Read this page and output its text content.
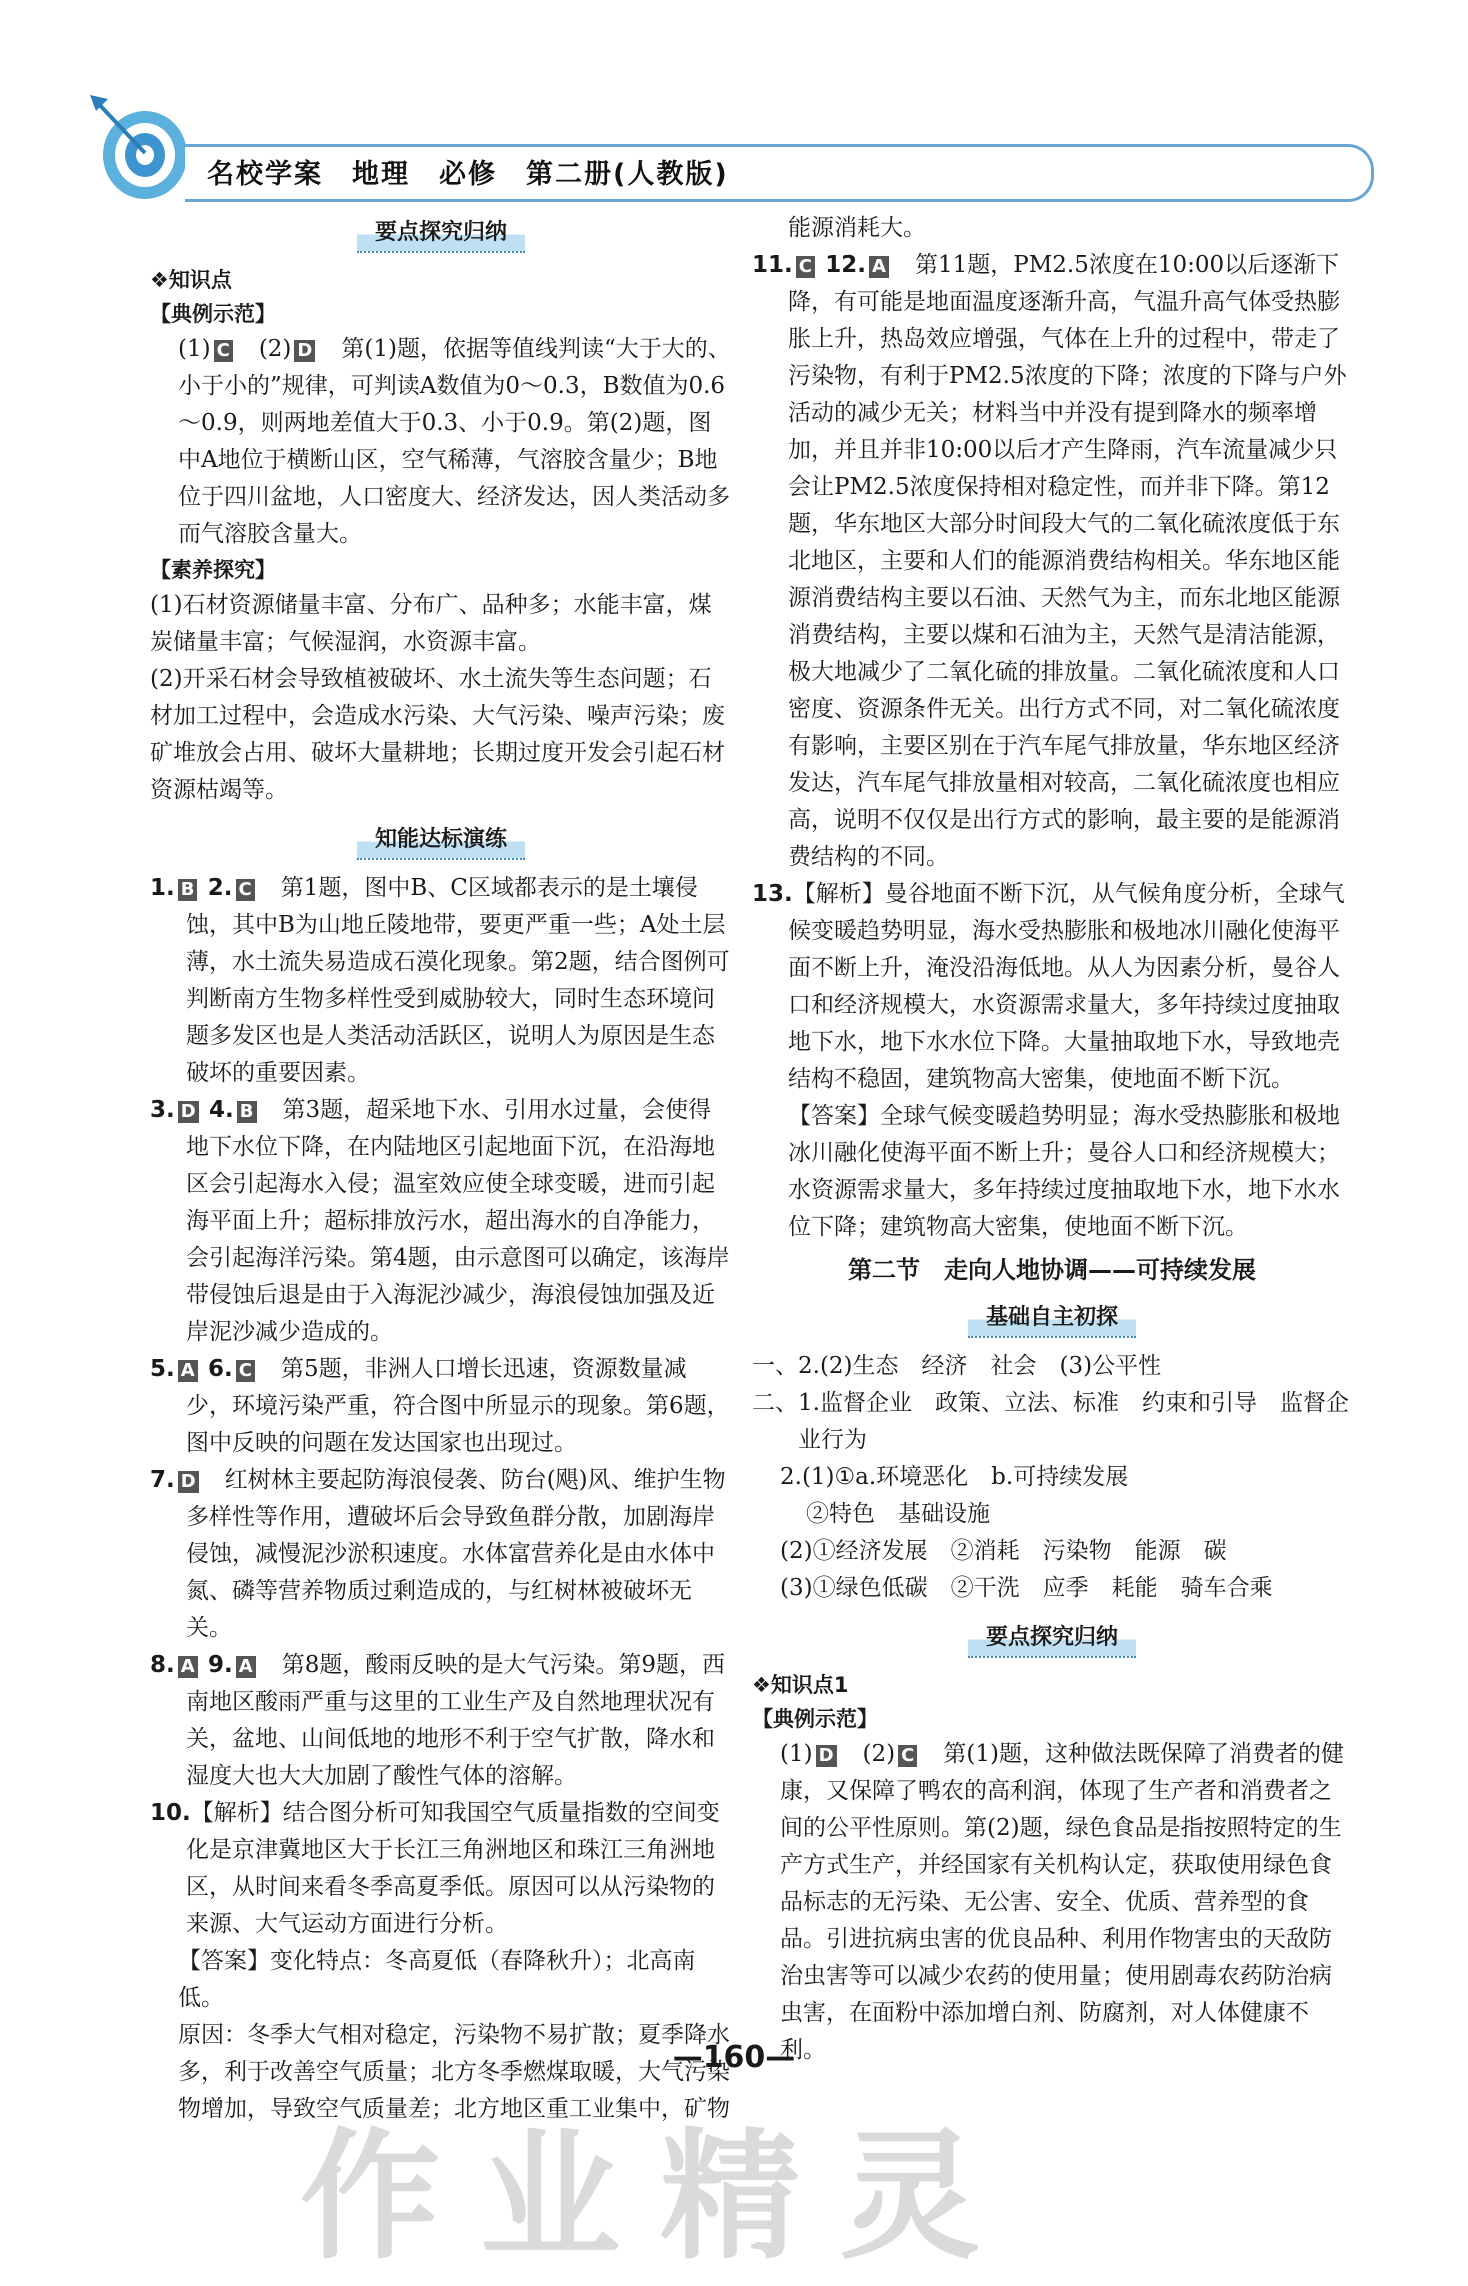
名校学案　地理　必修　第二册(人教版)
要点探究归纳

❖知识点

【典例示范】

(1) C　 (2) D　 第(1)题，依据等值线判读“大于大的、小于小的”规律，可判读A数值为0～0.3，B数值为0.6～0.9，则两地差值大于0.3、小于0.9。第(2)题，图中A地位于横断山区，空气稀薄，气溶胶含量少；B地位于四川盆地，人口密度大、经济发达，因人类活动多而气溶胶含量大。

【素养探究】

(1)石材资源储量丰富、分布广、品种多；水能丰富，煤炭储量丰富；气候湿润，水资源丰富。

(2)开采石材会导致植被破坏、水土流失等生态问题；石材加工过程中，会造成水污染、大气污染、噪声污染；废矿堆放会占用、破坏大量耕地；长期过度开发会引起石材资源枯竭等。

知能达标演练

1. B 2. C　 第1题，图中B、C区域都表示的是土壤侵蚀，其中B为山地丘陵地带，要更严重一些；A处土层薄，水土流失易造成石漠化现象。第2题，结合图例可判断南方生物多样性受到威胁较大，同时生态环境问题多发区也是人类活动活跃区，说明人为原因是生态破坏的重要因素。

3. D 4. B　 第3题，超采地下水、引用水过量，会使得地下水位下降，在内陆地区引起地面下沉，在沿海地区会引起海水入侵；温室效应使全球变暖，进而引起海平面上升；超标排放污水，超出海水的自净能力，会引起海洋污染。第4题，由示意图可以确定，该海岸带侵蚀后退是由于入海泥沙减少，海浪侵蚀加强及近岸泥沙减少造成的。

5. A 6. C　 第5题，非洲人口增长迅速，资源数量减少，环境污染严重，符合图中所显示的现象。第6题，图中反映的问题在发达国家也出现过。

7. D　 红树林主要起防海浪侵袭、防台(飓)风、维护生物多样性等作用，遭破坏后会导致鱼群分散，加剧海岸侵蚀，减慢泥沙淤积速度。水体富营养化是由水体中氮、磷等营养物质过剩造成的，与红树林被破坏无关。

8. A 9. A　 第8题，酸雨反映的是大气污染。第9题，西南地区酸雨严重与这里的工业生产及自然地理状况有关，盆地、山间低地的地形不利于空气扩散，降水和湿度大也大大加剧了酸性气体的溶解。

10.【解析】结合图分析可知我国空气质量指数的空间变化是京津冀地区大于长江三角洲地区和珠江三角洲地区，从时间来看冬季高夏季低。原因可以从污染物的来源、大气运动方面进行分析。

【答案】变化特点：冬高夏低（春降秋升）；北高南低。

原因：冬季大气相对稳定，污染物不易扩散；夏季降水多，利于改善空气质量；北方冬季燃煤取暖，大气污染物增加，导致空气质量差；北方地区重工业集中，矿物

能源消耗大。

11. C 12. A　 第11题，PM2.5浓度在10:00以后逐渐下降，有可能是地面温度逐渐升高，气温升高气体受热膨胀上升，热岛效应增强，气体在上升的过程中，带走了污染物，有利于PM2.5浓度的下降；浓度的下降与户外活动的减少无关；材料当中并没有提到降水的频率增加，并且并非10:00以后才产生降雨，汽车流量减少只会让PM2.5浓度保持相对稳定性，而并非下降。第12题，华东地区大部分时间段大气的二氧化硫浓度低于东北地区，主要和人们的能源消费结构相关。华东地区能源消费结构主要以石油、天然气为主，而东北地区能源消费结构，主要以煤和石油为主，天然气是清洁能源，极大地减少了二氧化硫的排放量。二氧化硫浓度和人口密度、资源条件无关。出行方式不同，对二氧化硫浓度有影响，主要区别在于汽车尾气排放量，华东地区经济发达，汽车尾气排放量相对较高，二氧化硫浓度也相应高，说明不仅仅是出行方式的影响，最主要的是能源消费结构的不同。

13.【解析】曼谷地面不断下沉，从气候角度分析，全球气候变暖趋势明显，海水受热膨胀和极地冰川融化使海平面不断上升，淹没沿海低地。从人为因素分析，曼谷人口和经济规模大，水资源需求量大，多年持续过度抽取地下水，地下水水位下降。大量抽取地下水，导致地壳结构不稳固，建筑物高大密集，使地面不断下沉。

【答案】全球气候变暖趋势明显；海水受热膨胀和极地冰川融化使海平面不断上升；曼谷人口和经济规模大；水资源需求量大，多年持续过度抽取地下水，地下水水位下降；建筑物高大密集，使地面不断下沉。

第二节　走向人地协调——可持续发展
基础自主初探

一、2.(2)生态　经济　社会　(3)公平性

二、1.监督企业　政策、立法、标准　约束和引导　监督企业行为

2.(1)①a.环境恶化　b.可持续发展

②特色　基础设施

(2)①经济发展　②消耗　污染物　能源　碳

(3)①绿色低碳　②干洗　应季　耗能　骑车合乘

要点探究归纳

❖知识点1

【典例示范】

(1) D　 (2) C　 第(1)题，这种做法既保障了消费者的健康，又保障了鸭农的高利润，体现了生产者和消费者之间的公平性原则。第(2)题，绿色食品是指按照特定的生产方式生产，并经国家有关机构认定，获取使用绿色食品标志的无污染、无公害、安全、优质、营养型的食品。引进抗病虫害的优良品种、利用作物害虫的天敌防治虫害等可以减少农药的使用量；使用剧毒农药防治病虫害，在面粉中添加增白剂、防腐剂，对人体健康不利。

—160—
作业精灵
